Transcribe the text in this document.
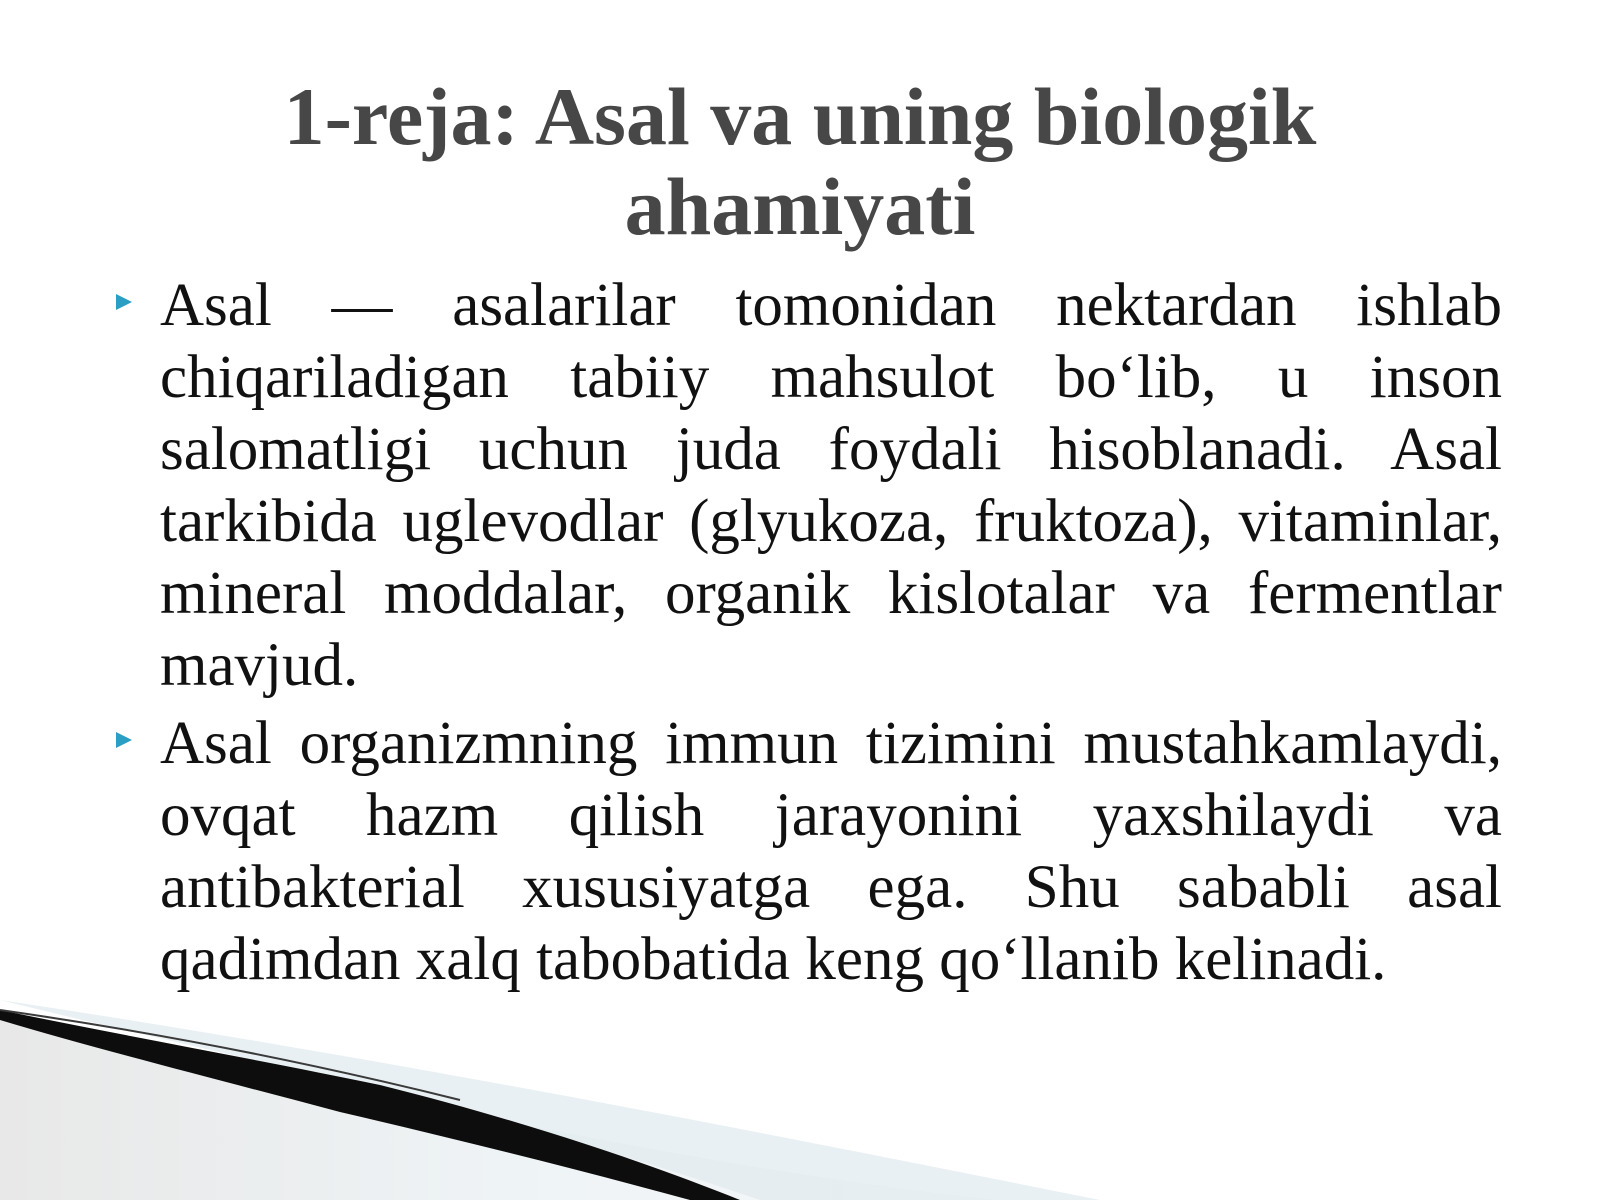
1-reja: Asal va uning biologik ahamiyati
Asal — asalarilar tomonidan nektardan ishlab chiqariladigan tabiiy mahsulot bo‘lib, u inson salomatligi uchun juda foydali hisoblanadi. Asal tarkibida uglevodlar (glyukoza, fruktoza), vitaminlar, mineral moddalar, organik kislotalar va fermentlar mavjud.
Asal organizmning immun tizimini mustahkamlaydi, ovqat hazm qilish jarayonini yaxshilaydi va antibakterial xususiyatga ega. Shu sababli asal qadimdan xalq tabobatida keng qo‘llanib kelinadi.
